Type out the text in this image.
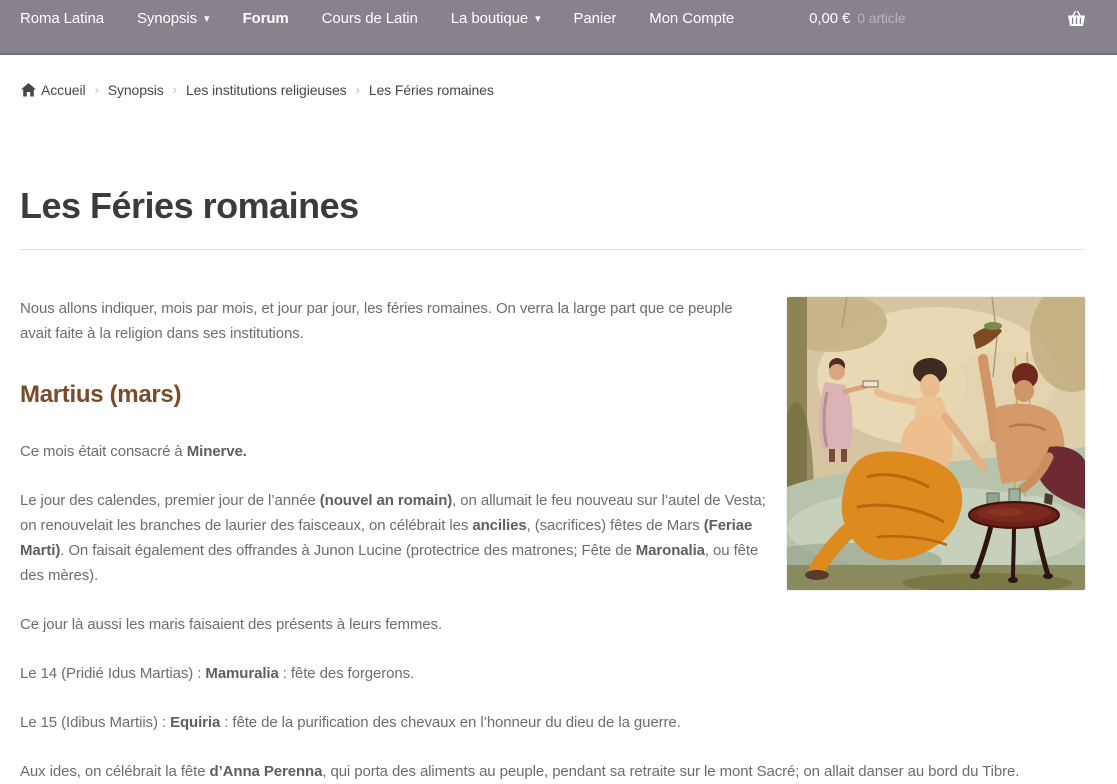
Roma Latina Synopsis ▾ Forum Cours de Latin La boutique ▾ Panier Mon Compte	0,00 € 0 article
Accueil › Synopsis › Les institutions religieuses › Les Féries romaines
Les Féries romaines

Nous allons indiquer, mois par mois, et jour par jour, les féries romaines. On verra la large part que ce peuple avait faite à la religion dans ses institutions.

Martius (mars)

Ce mois était consacré à Minerve.

Le jour des calendes, premier jour de l’année (nouvel an romain), on allumait le feu nouveau sur l’autel de Vesta; on renouvelait les branches de laurier des faisceaux, on célébrait les ancilies, (sacrifices) fêtes de Mars (Feriae Marti). On faisait également des offrandes à Junon Lucine (protectrice des matrones; Fête de Maronalia, ou fête des mères).

Ce jour là aussi les maris faisaient des présents à leurs femmes.

Le 14 (Pridié Idus Martias) : Mamuralia : fête des forgerons.

Le 15 (Idibus Martiis) : Equiria : fête de la purification des chevaux en l’honneur du dieu de la guerre.

Aux ides, on célébrait la fête d’Anna Perenna, qui porta des aliments au peuple, pendant sa retraite sur le mont Sacré; on allait danser au bord du Tibre.
